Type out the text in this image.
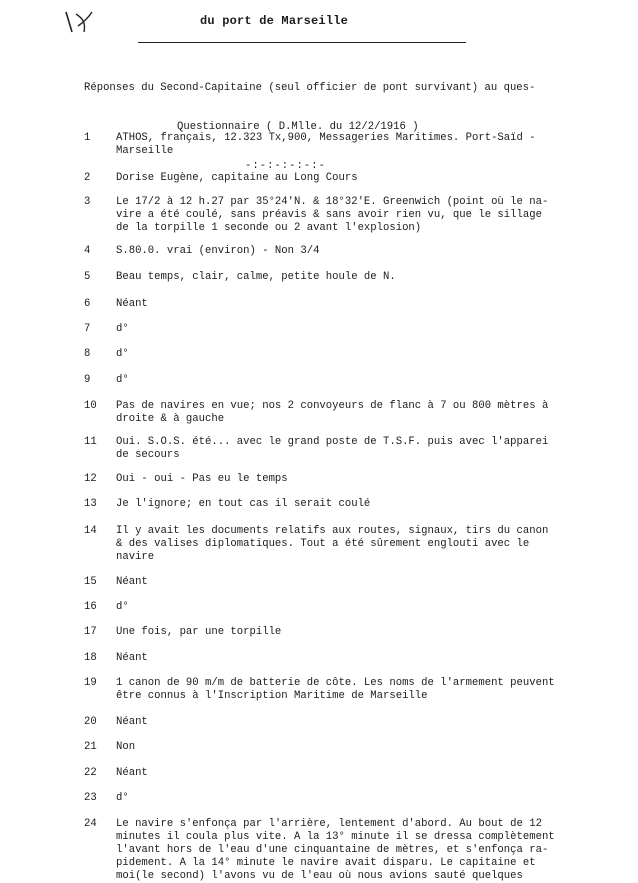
du port de Marseille

Réponses du Second-Capitaine (seul officier de pont survivant) au ques-

Questionnaire ( D.Mlle. du 12/2/1916 )

-:-:-:-:-:-

1	ATHOS, français, 12.323 Tx,900, Messageries Maritimes. Port-Saïd -
Marseille
2	Dorise Eugène, capitaine au Long Cours
3	Le 17/2 à 12 h.27 par 35°24'N. & 18°32'E. Greenwich (point où le na-
vire a été coulé, sans préavis & sans avoir rien vu, que le sillage
de la torpille 1 seconde ou 2 avant l'explosion)
4	S.80.0. vrai (environ) - Non 3/4
5	Beau temps, clair, calme, petite houle de N.
6	Néant
7	d°
8	d°
9	d°
10	Pas de navires en vue; nos 2 convoyeurs de flanc à 7 ou 800 mètres à
droite & à gauche
11	Oui. S.O.S. été... avec le grand poste de T.S.F. puis avec l'apparei
de secours
12	Oui - oui - Pas eu le temps
13	Je l'ignore; en tout cas il serait coulé
14	Il y avait les documents relatifs aux routes, signaux, tirs du canon
& des valises diplomatiques. Tout a été sûrement englouti avec le
navire
15	Néant
16	d°
17	Une fois, par une torpille
18	Néant
19	1 canon de 90 m/m de batterie de côte. Les noms de l'armement peuvent
être connus à l'Inscription Maritime de Marseille
20	Néant
21	Non
22	Néant
23	d°
24	Le navire s'enfonça par l'arrière, lentement d'abord. Au bout de 12
minutes il coula plus vite. A la 13° minute il se dressa complètement
l'avant hors de l'eau d'une cinquantaine de mètres, et s'enfonça ra-
pidement. A la 14° minute le navire avait disparu. Le capitaine et
moi(le second) l'avons vu de l'eau où nous avions sauté quelques
